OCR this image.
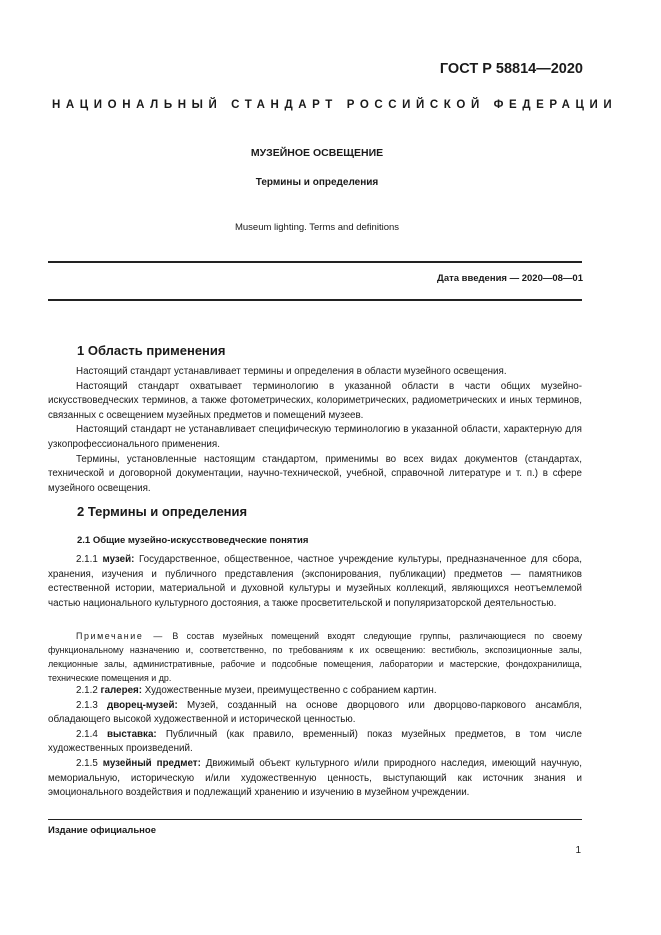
ГОСТ Р 58814—2020
НАЦИОНАЛЬНЫЙ СТАНДАРТ РОССИЙСКОЙ ФЕДЕРАЦИИ
МУЗЕЙНОЕ ОСВЕЩЕНИЕ
Термины и определения
Museum lighting. Terms and definitions
Дата введения — 2020—08—01
1 Область применения

Настоящий стандарт устанавливает термины и определения в области музейного освещения.

Настоящий стандарт охватывает терминологию в указанной области в части общих музейно-искусствоведческих терминов, а также фотометрических, колориметрических, радиометрических и иных терминов, связанных с освещением музейных предметов и помещений музеев.

Настоящий стандарт не устанавливает специфическую терминологию в указанной области, характерную для узкопрофессионального применения.

Термины, установленные настоящим стандартом, применимы во всех видах документов (стандартах, технической и договорной документации, научно-технической, учебной, справочной литературе и т. п.) в сфере музейного освещения.

2 Термины и определения
2.1 Общие музейно-искусствоведческие понятия

2.1.1 музей: Государственное, общественное, частное учреждение культуры, предназначенное для сбора, хранения, изучения и публичного представления (экспонирования, публикации) предметов — памятников естественной истории, материальной и духовной культуры и музейных коллекций, являющихся неотъемлемой частью национального культурного достояния, а также просветительской и популяризаторской деятельностью.

Примечание — В состав музейных помещений входят следующие группы, различающиеся по своему функциональному назначению и, соответственно, по требованиям к их освещению: вестибюль, экспозиционные залы, лекционные залы, административные, рабочие и подсобные помещения, лаборатории и мастерские, фондохранилища, технические помещения и др.

2.1.2 галерея: Художественные музеи, преимущественно с собранием картин.

2.1.3 дворец-музей: Музей, созданный на основе дворцового или дворцово-паркового ансамбля, обладающего высокой художественной и исторической ценностью.

2.1.4 выставка: Публичный (как правило, временный) показ музейных предметов, в том числе художественных произведений.

2.1.5 музейный предмет: Движимый объект культурного и/или природного наследия, имеющий научную, мемориальную, историческую и/или художественную ценность, выступающий как источник знания и эмоционального воздействия и подлежащий хранению и изучению в музейном учреждении.

Издание официальное
1
